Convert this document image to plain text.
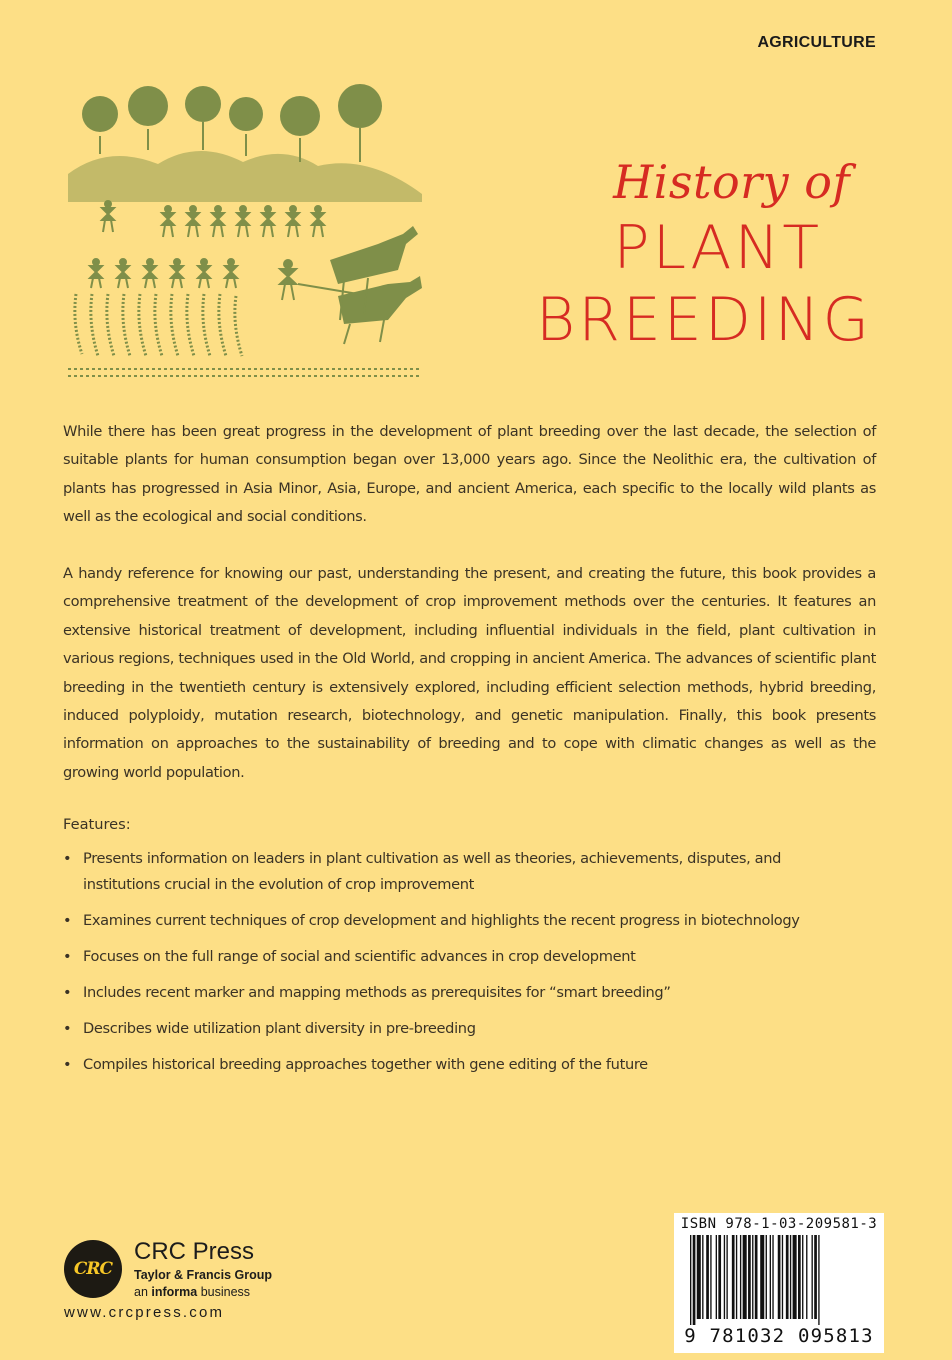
AGRICULTURE
History of
PLANT
BREEDING
While there has been great progress in the development of plant breeding over the last decade, the selection of suitable plants for human consumption began over 13,000 years ago. Since the Neolithic era, the cultivation of plants has progressed in Asia Minor, Asia, Europe, and ancient America, each specific to the locally wild plants as well as the ecological and social conditions.
A handy reference for knowing our past, understanding the present, and creating the future, this book provides a comprehensive treatment of the development of crop improvement methods over the centuries. It features an extensive historical treatment of development, including influential individuals in the field, plant cultivation in various regions, techniques used in the Old World, and cropping in ancient America. The advances of scientific plant breeding in the twentieth century is extensively explored, including efficient selection methods, hybrid breeding, induced polyploidy, mutation research, biotechnology, and genetic manipulation. Finally, this book presents information on approaches to the sustainability of breeding and to cope with climatic changes as well as the growing world population.
Features:
• Presents information on leaders in plant cultivation as well as theories, achievements, disputes, and institutions crucial in the evolution of crop improvement
• Examines current techniques of crop development and highlights the recent progress in biotechnology
• Focuses on the full range of social and scientific advances in crop development
• Includes recent marker and mapping methods as prerequisites for “smart breeding”
• Describes wide utilization plant diversity in pre-breeding
• Compiles historical breeding approaches together with gene editing of the future
CRC
CRC Press
Taylor & Francis Group
an informa business
www.crcpress.com
ISBN 978-1-03-209581-3
9 781032 095813
